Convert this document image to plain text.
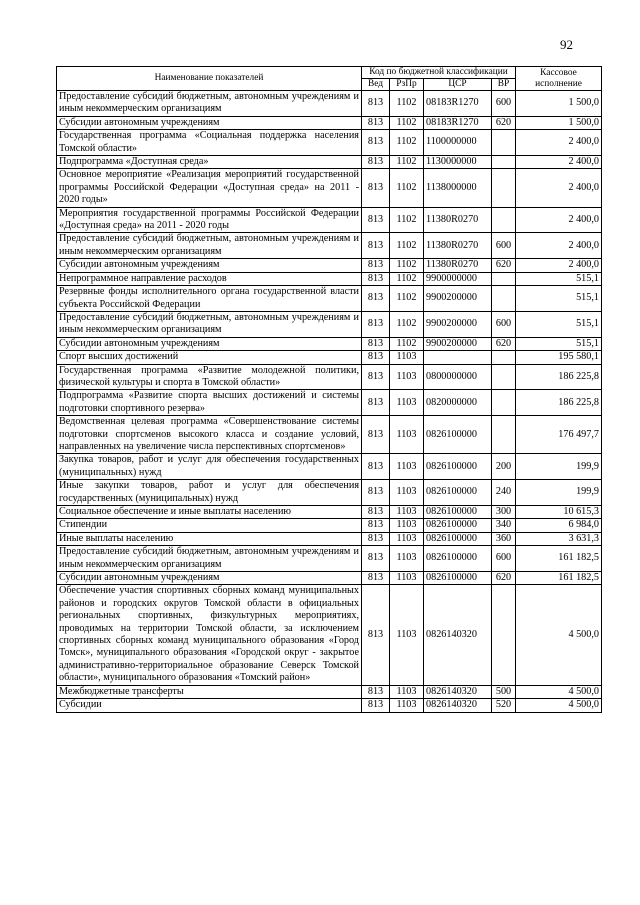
92
Наименование показателей	Код по бюджетной классификации				Кассовое исполнение
	Вед	РзПр	ЦСР	ВР	
Предоставление субсидий бюджетным, автономным учреждениям и иным некоммерческим организациям	813	1102	08183R1270	600	1 500,0
Субсидии автономным учреждениям	813	1102	08183R1270	620	1 500,0
Государственная программа «Социальная поддержка населения Томской области»	813	1102	1100000000		2 400,0
Подпрограмма «Доступная среда»	813	1102	1130000000		2 400,0
Основное мероприятие «Реализация мероприятий государственной программы Российской Федерации «Доступная среда» на 2011 - 2020 годы»	813	1102	1138000000		2 400,0
Мероприятия государственной программы Российской Федерации «Доступная среда» на 2011 - 2020 годы	813	1102	11380R0270		2 400,0
Предоставление субсидий бюджетным, автономным учреждениям и иным некоммерческим организациям	813	1102	11380R0270	600	2 400,0
Субсидии автономным учреждениям	813	1102	11380R0270	620	2 400,0
Непрограммное направление расходов	813	1102	9900000000		515,1
Резервные фонды исполнительного органа государственной власти субъекта Российской Федерации	813	1102	9900200000		515,1
Предоставление субсидий бюджетным, автономным учреждениям и иным некоммерческим организациям	813	1102	9900200000	600	515,1
Субсидии автономным учреждениям	813	1102	9900200000	620	515,1
Спорт высших достижений	813	1103			195 580,1
Государственная программа «Развитие молодежной политики, физической культуры и спорта в Томской области»	813	1103	0800000000		186 225,8
Подпрограмма «Развитие спорта высших достижений и системы подготовки спортивного резерва»	813	1103	0820000000		186 225,8
Ведомственная целевая программа «Совершенствование системы подготовки спортсменов высокого класса и создание условий, направленных на увеличение числа перспективных спортсменов»	813	1103	0826100000		176 497,7
Закупка товаров, работ и услуг для обеспечения государственных (муниципальных) нужд	813	1103	0826100000	200	199,9
Иные закупки товаров, работ и услуг для обеспечения государственных (муниципальных) нужд	813	1103	0826100000	240	199,9
Социальное обеспечение и иные выплаты населению	813	1103	0826100000	300	10 615,3
Стипендии	813	1103	0826100000	340	6 984,0
Иные выплаты населению	813	1103	0826100000	360	3 631,3
Предоставление субсидий бюджетным, автономным учреждениям и иным некоммерческим организациям	813	1103	0826100000	600	161 182,5
Субсидии автономным учреждениям	813	1103	0826100000	620	161 182,5
Обеспечение участия спортивных сборных команд муниципальных районов и городских округов Томской области в официальных региональных спортивных, физкультурных мероприятиях, проводимых на территории Томской области, за исключением спортивных сборных команд муниципального образования «Город Томск», муниципального образования «Городской округ - закрытое административно-территориальное образование Северск Томской области», муниципального образования «Томский район»	813	1103	0826140320		4 500,0
Межбюджетные трансферты	813	1103	0826140320	500	4 500,0
Субсидии	813	1103	0826140320	520	4 500,0
